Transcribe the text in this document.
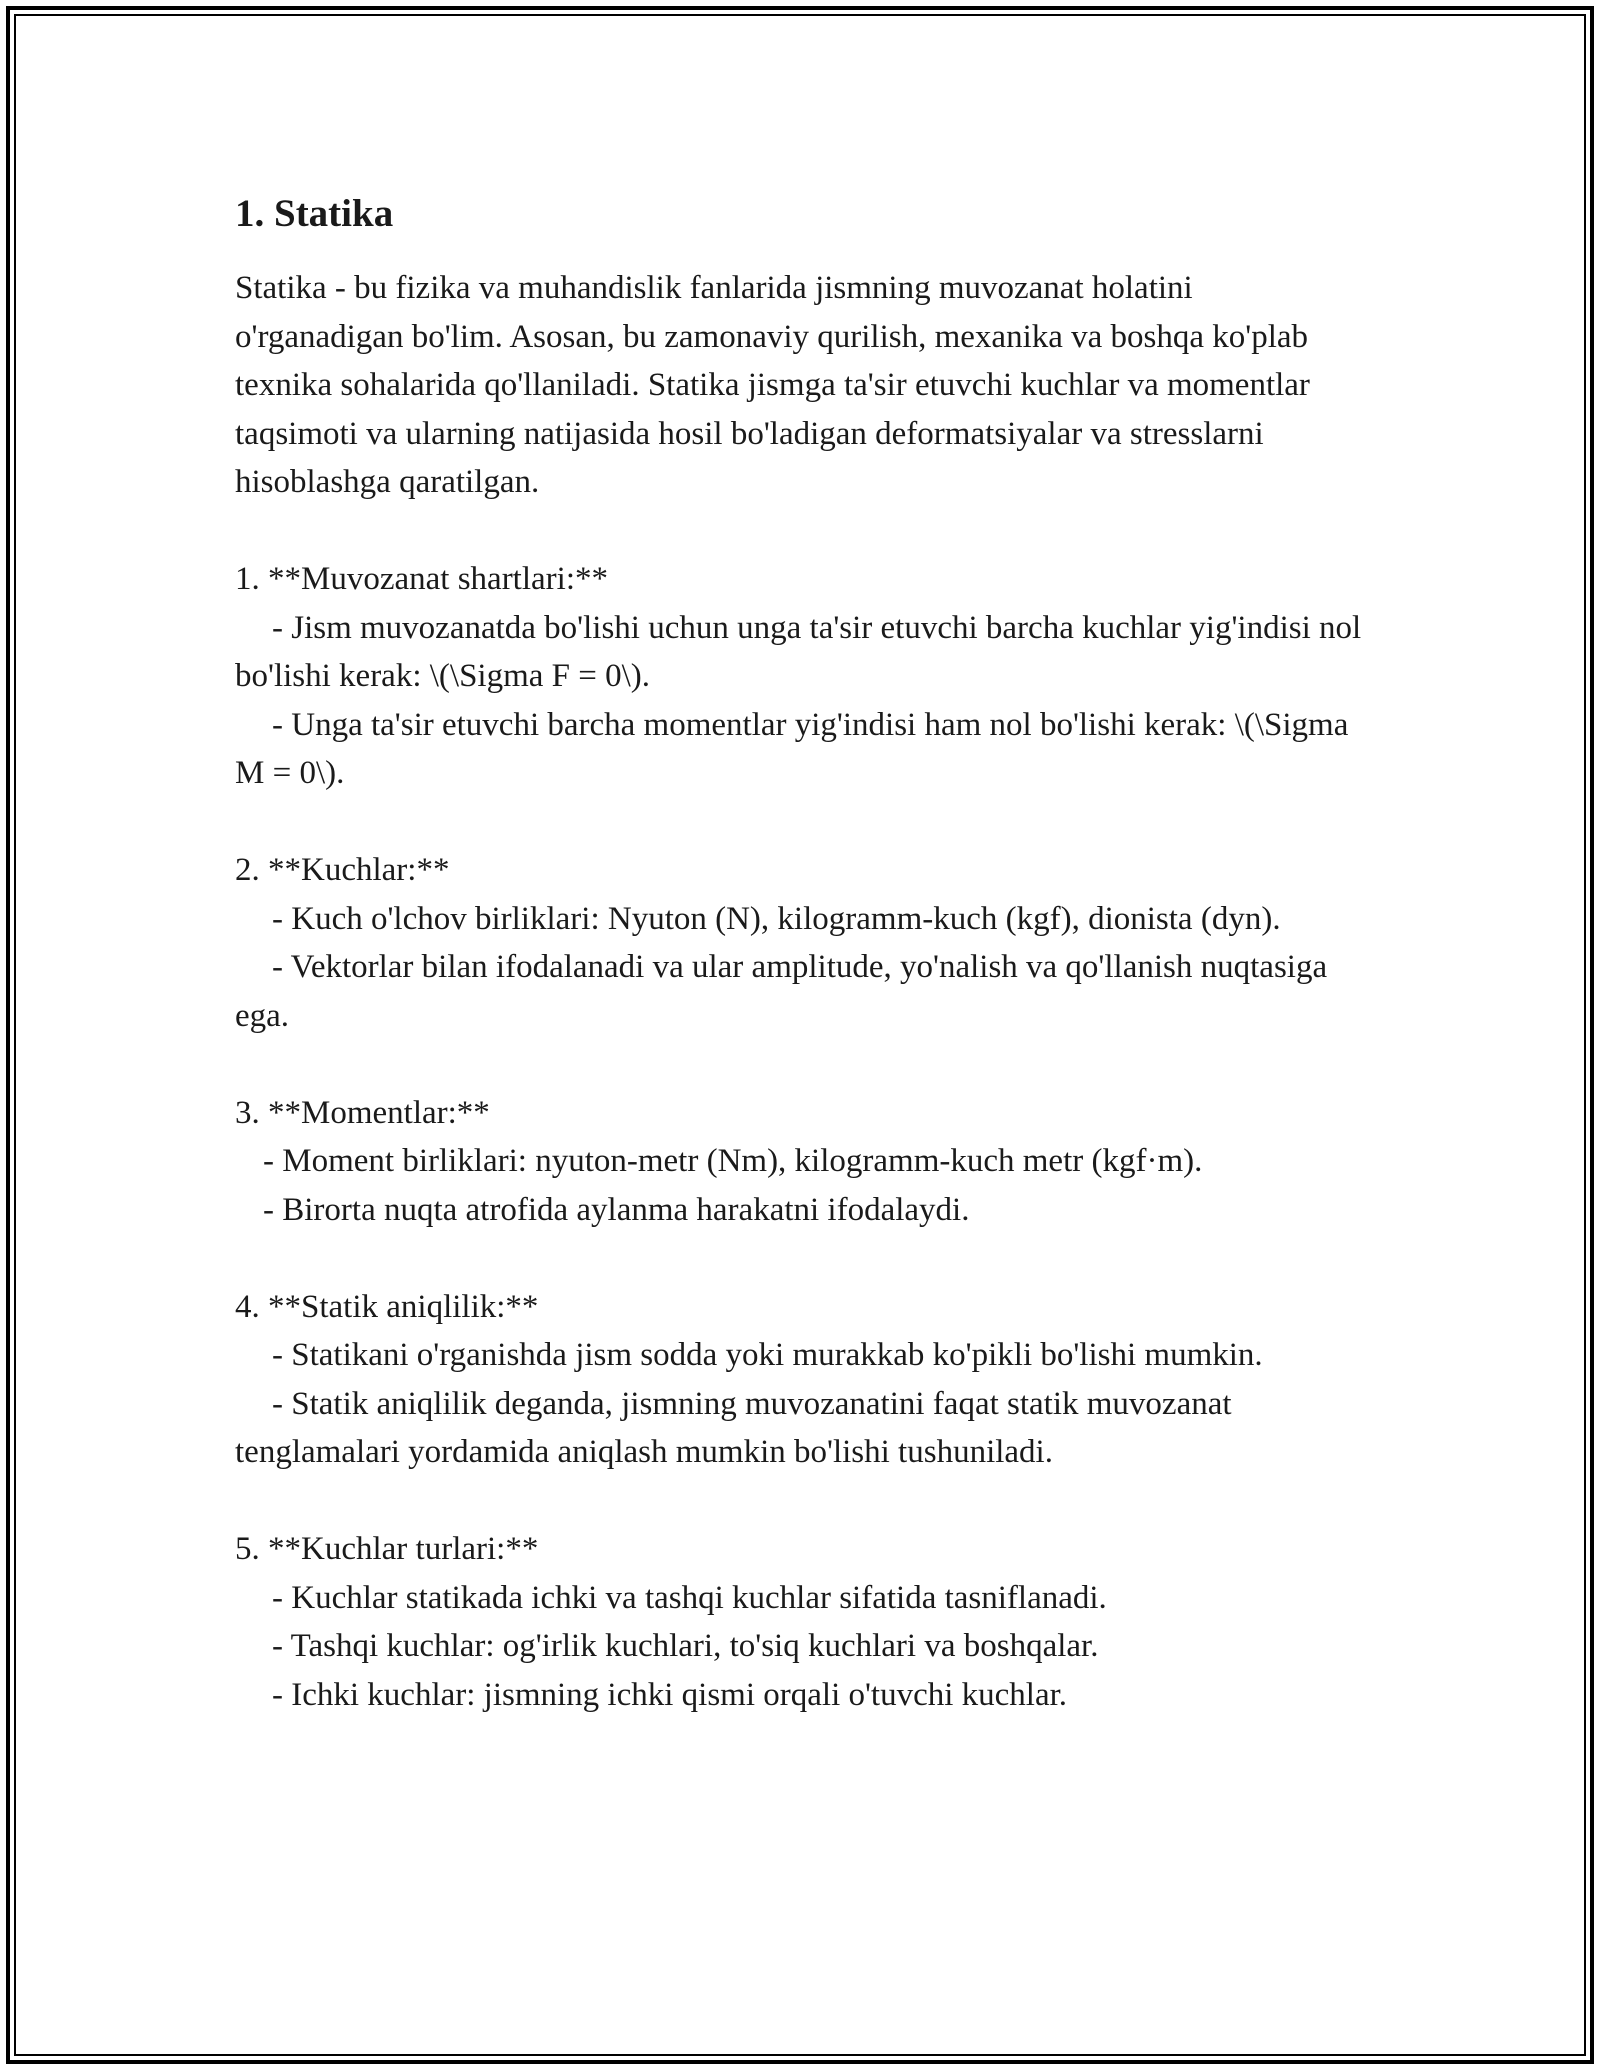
1. Statika

Statika - bu fizika va muhandislik fanlarida jismning muvozanat holatini o'rganadigan bo'lim. Asosan, bu zamonaviy qurilish, mexanika va boshqa ko'plab texnika sohalarida qo'llaniladi. Statika jismga ta'sir etuvchi kuchlar va momentlar taqsimoti va ularning natijasida hosil bo'ladigan deformatsiyalar va stresslarni hisoblashga qaratilgan.

1. **Muvozanat shartlari:**

- Jism muvozanatda bo'lishi uchun unga ta'sir etuvchi barcha kuchlar yig'indisi nol bo'lishi kerak: \(\Sigma F = 0\).

- Unga ta'sir etuvchi barcha momentlar yig'indisi ham nol bo'lishi kerak: \(\Sigma M = 0\).

2. **Kuchlar:**

- Kuch o'lchov birliklari: Nyuton (N), kilogramm-kuch (kgf), dionista (dyn).

- Vektorlar bilan ifodalanadi va ular amplitude, yo'nalish va qo'llanish nuqtasiga ega.

3. **Momentlar:**

- Moment birliklari: nyuton-metr (Nm), kilogramm-kuch metr (kgf·m).

- Birorta nuqta atrofida aylanma harakatni ifodalaydi.

4. **Statik aniqlilik:**

- Statikani o'rganishda jism sodda yoki murakkab ko'pikli bo'lishi mumkin.

- Statik aniqlilik deganda, jismning muvozanatini faqat statik muvozanat tenglamalari yordamida aniqlash mumkin bo'lishi tushuniladi.

5. **Kuchlar turlari:**

- Kuchlar statikada ichki va tashqi kuchlar sifatida tasniflanadi.

- Tashqi kuchlar: og'irlik kuchlari, to'siq kuchlari va boshqalar.

- Ichki kuchlar: jismning ichki qismi orqali o'tuvchi kuchlar.
